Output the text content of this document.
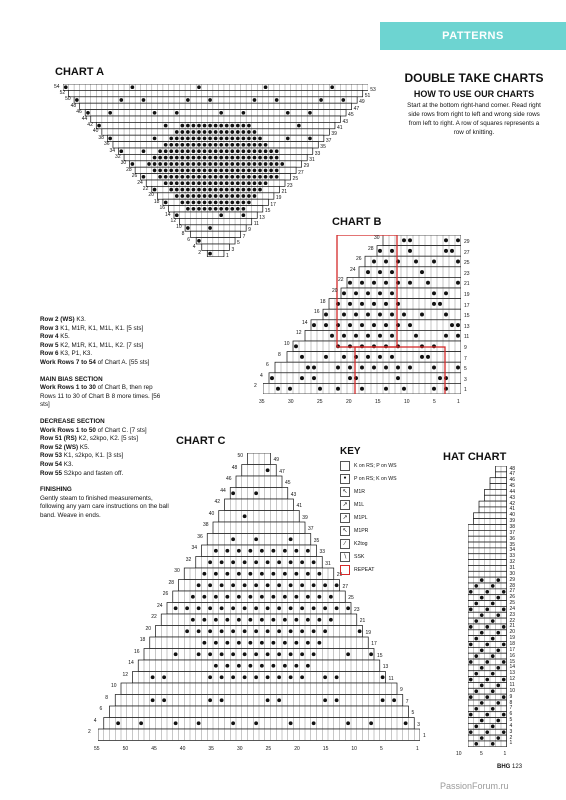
PATTERNS
CHART A
CHART B
CHART C
HAT CHART
54	53
52	51
50	49
48	47
46	45
44	43
42	41
40	39
38	37
36	35
34	33
32	31
30	29
28	27
26	25
24	23
22	21
20	19
18	17
16	15
14	13
12	11
10	9
8	7
6	5
4	3
2	1
30
29
28
27
26
25
24
23
22
21
20
19
18
17
16
15
14
13
12
11
10
9
8
7
6
5
4
3
2
1
35	30	25	20	15	10	5	1
50
49
48
47
46
45
44
43
42
41
40
39
38
37
36
35
34
33
32
31
30
29
28
27
26
25
24
23
22
21
20
19
18
17
16
15
14
13
12
11
10
9
8
7
6
5
4
3
2
1
55	50	45	40	35	30	25	20	15	10	5	1
48
47
46
45
44
43
42
41
40
39
38
37
36
35
34
33
32
31
30
29
28
27
26
25
24
23
22
21
20
19
18
17
16
15
14
13
12
11
10
9
8
7
6
5
4
3
2
1
10	5	1
DOUBLE TAKE CHARTS
HOW TO USE OUR CHARTS

Start at the bottom right-hand corner. Read right side rows from right to left and wrong side rows from left to right. A row of squares represents a row of knitting.

Row 2 (WS) K3.
Row 3 K1, M1R, K1, M1L, K1. [5 sts]
Row 4 K5.
Row 5 K2, M1R, K1, M1L, K2. [7 sts]
Row 6 K3, P1, K3.
Work Rows 7 to 54 of Chart A. [55 sts]
MAIN BIAS SECTION
Work Rows 1 to 30 of Chart B, then rep Rows 11 to 30 of Chart B 8 more times. [56 sts]
DECREASE SECTION
Work Rows 1 to 50 of Chart C. [7 sts]
Row 51 (RS) K2, s2kpo, K2. [5 sts]
Row 52 (WS) K5.
Row 53 K1, s2kpo, K1. [3 sts]
Row 54 K3.
Row 55 S2kpo and fasten off.
FINISHING
Gently steam to finished measurements, following any yarn care instructions on the ball band. Weave in ends.
KEY
K on RS; P on WS
●	P on RS; K on WS
↖	M1R
↗	M1L
↗	M1PL
↖	M1PR
∕	K2tog
∖	SSK
REPEAT
BHG 123
PassionForum.ru
